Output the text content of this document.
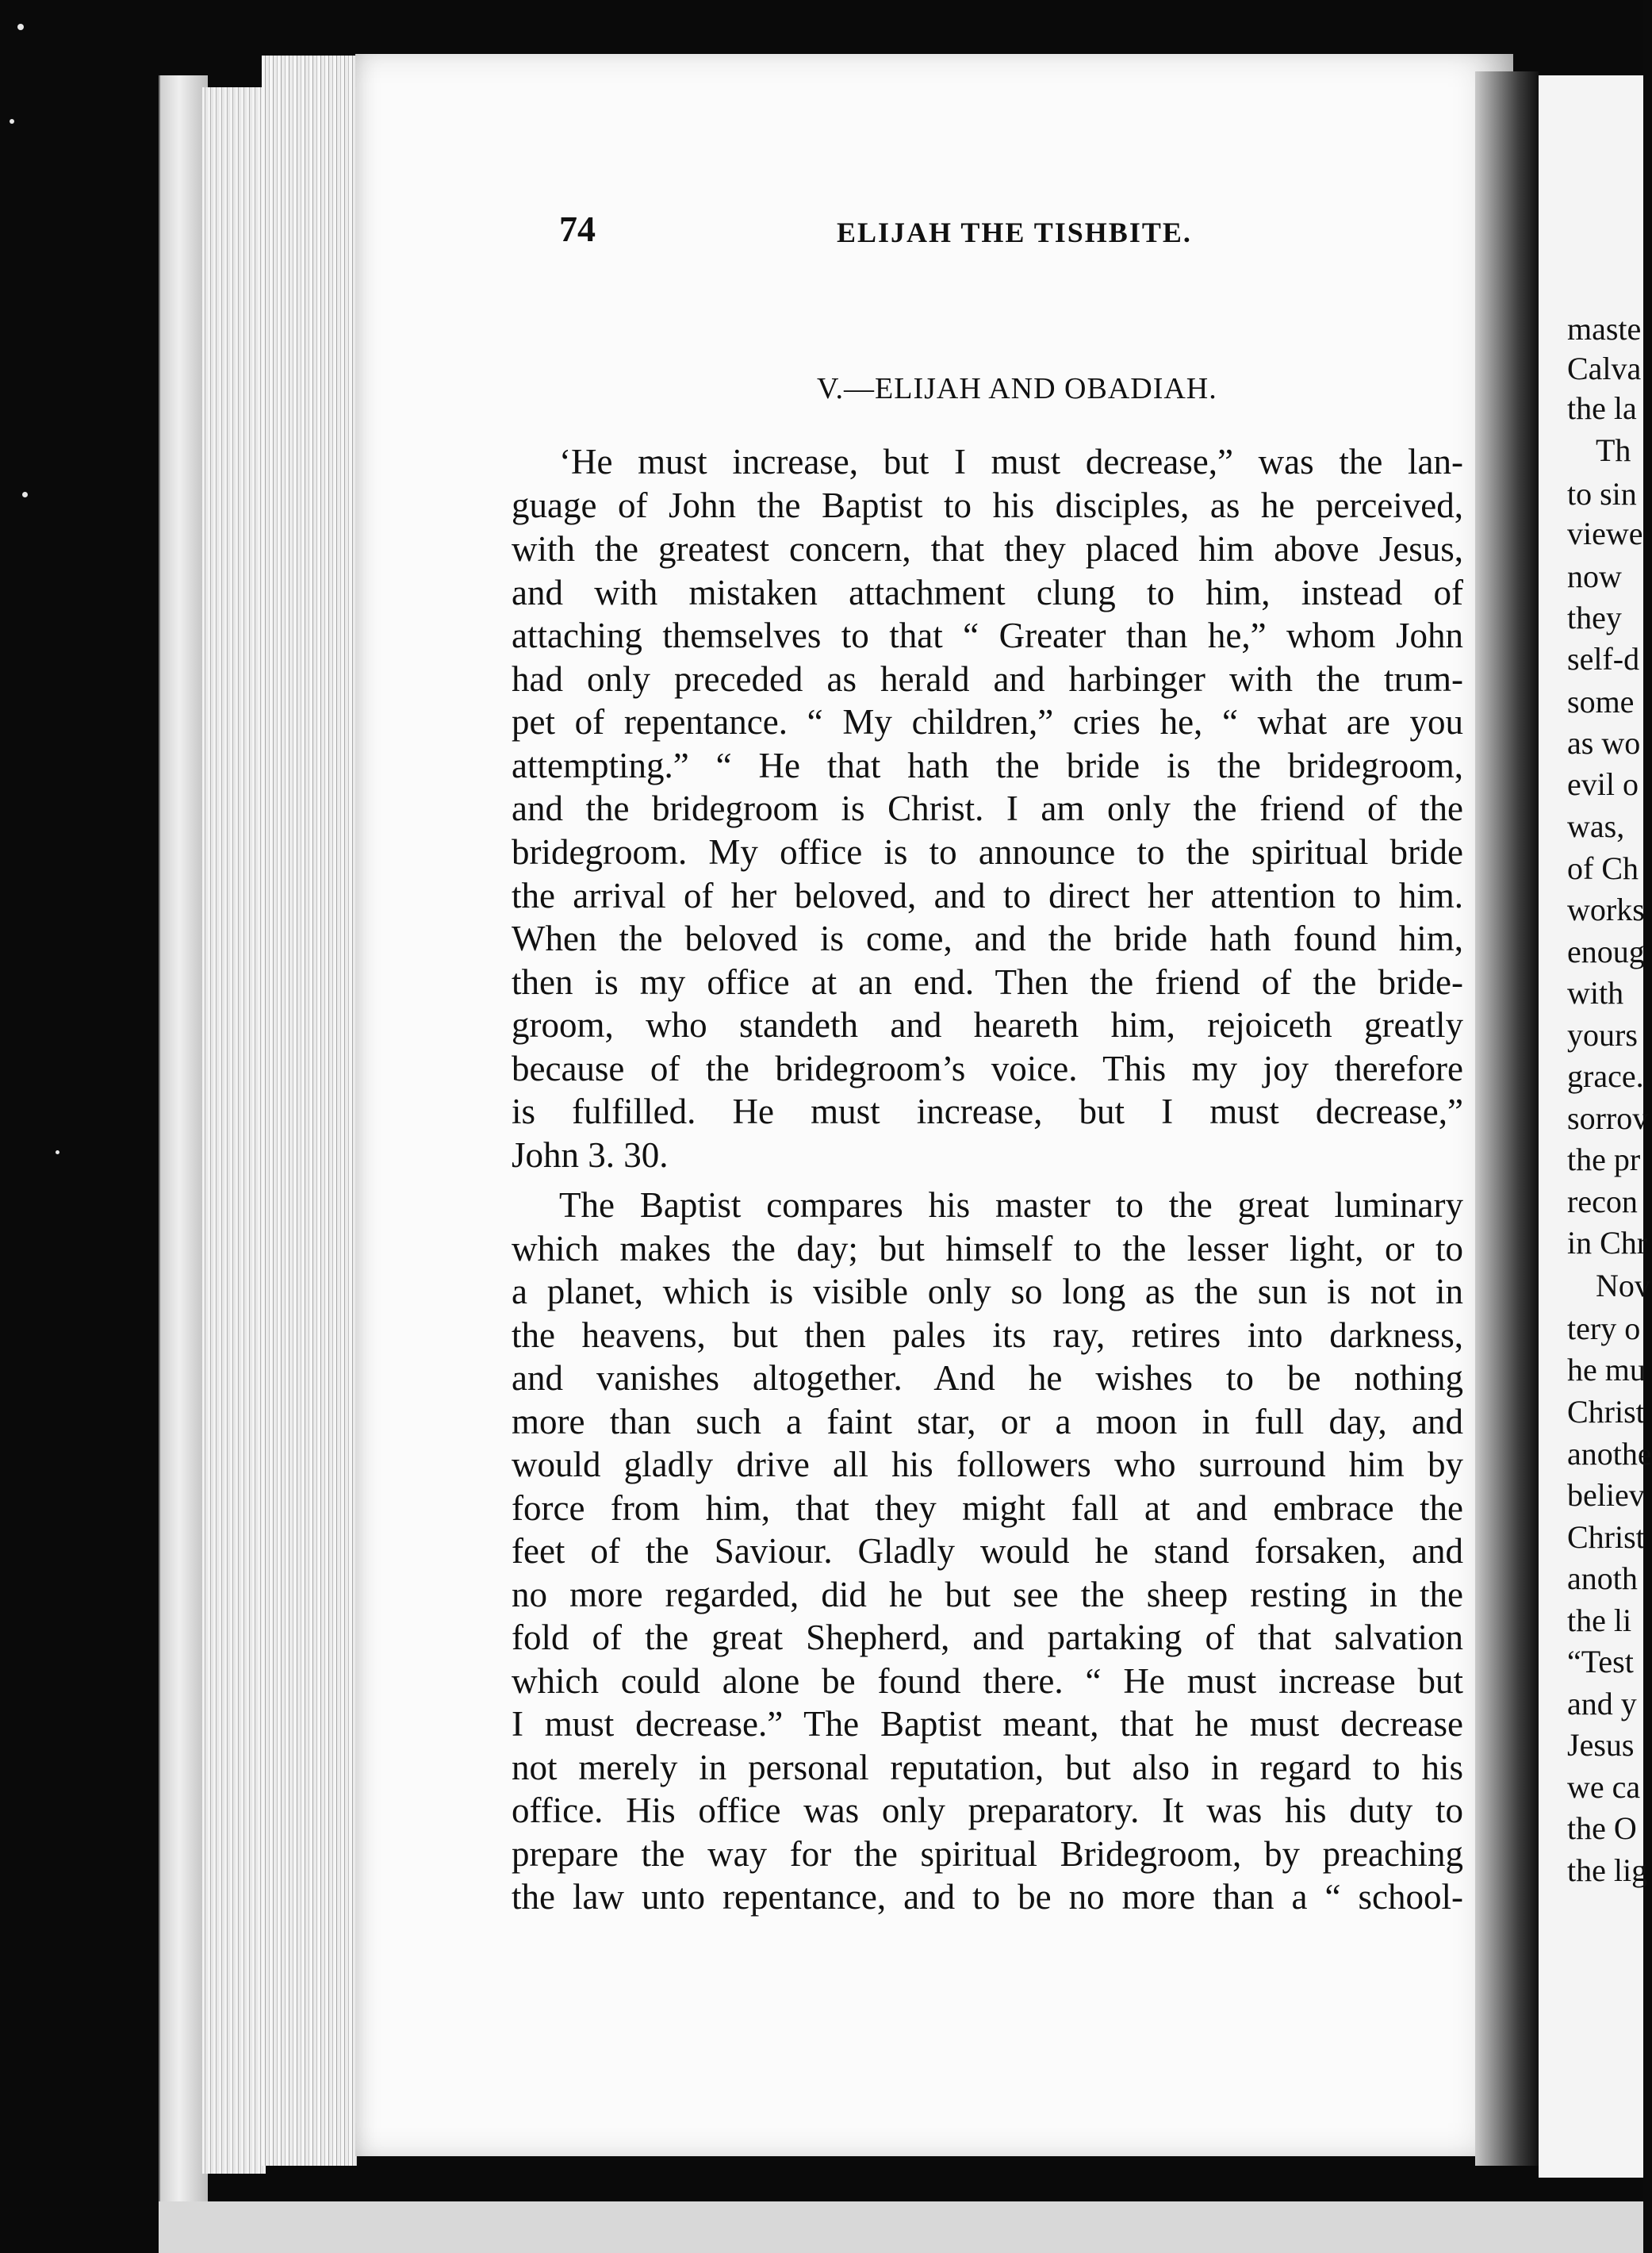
maste
Calva
the la
Th
to sin
viewe
now
they
self-d
some
as wo
evil o
was,
of Ch
works
enoug
with
yours
grace.
sorrov
the pr
recon
in Chr
Nov
tery o
he mu
Christ
anothe
believ
Christ
anoth
the li
“Test
and y
Jesus
we ca
the O
the lig
74	ELIJAH THE TISHBITE.
V.—ELIJAH AND OBADIAH.
‘He must increase, but I must decrease,” was the lan-
guage of John the Baptist to his disciples, as he perceived,
with the greatest concern, that they placed him above Jesus,
and with mistaken attachment clung to him, instead of
attaching themselves to that “ Greater than he,” whom John
had only preceded as herald and harbinger with the trum-
pet of repentance. “ My children,” cries he, “ what are you
attempting.” “ He that hath the bride is the bridegroom,
and the bridegroom is Christ. I am only the friend of the
bridegroom. My office is to announce to the spiritual bride
the arrival of her beloved, and to direct her attention to him.
When the beloved is come, and the bride hath found him,
then is my office at an end. Then the friend of the bride-
groom, who standeth and heareth him, rejoiceth greatly
because of the bridegroom’s voice. This my joy therefore
is fulfilled. He must increase, but I must decrease,”
John 3. 30.
The Baptist compares his master to the great luminary
which makes the day; but himself to the lesser light, or to
a planet, which is visible only so long as the sun is not in
the heavens, but then pales its ray, retires into darkness,
and vanishes altogether. And he wishes to be nothing
more than such a faint star, or a moon in full day, and
would gladly drive all his followers who surround him by
force from him, that they might fall at and embrace the
feet of the Saviour. Gladly would he stand forsaken, and
no more regarded, did he but see the sheep resting in the
fold of the great Shepherd, and partaking of that salvation
which could alone be found there. “ He must increase but
I must decrease.” The Baptist meant, that he must decrease
not merely in personal reputation, but also in regard to his
office. His office was only preparatory. It was his duty to
prepare the way for the spiritual Bridegroom, by preaching
the law unto repentance, and to be no more than a “ school-
